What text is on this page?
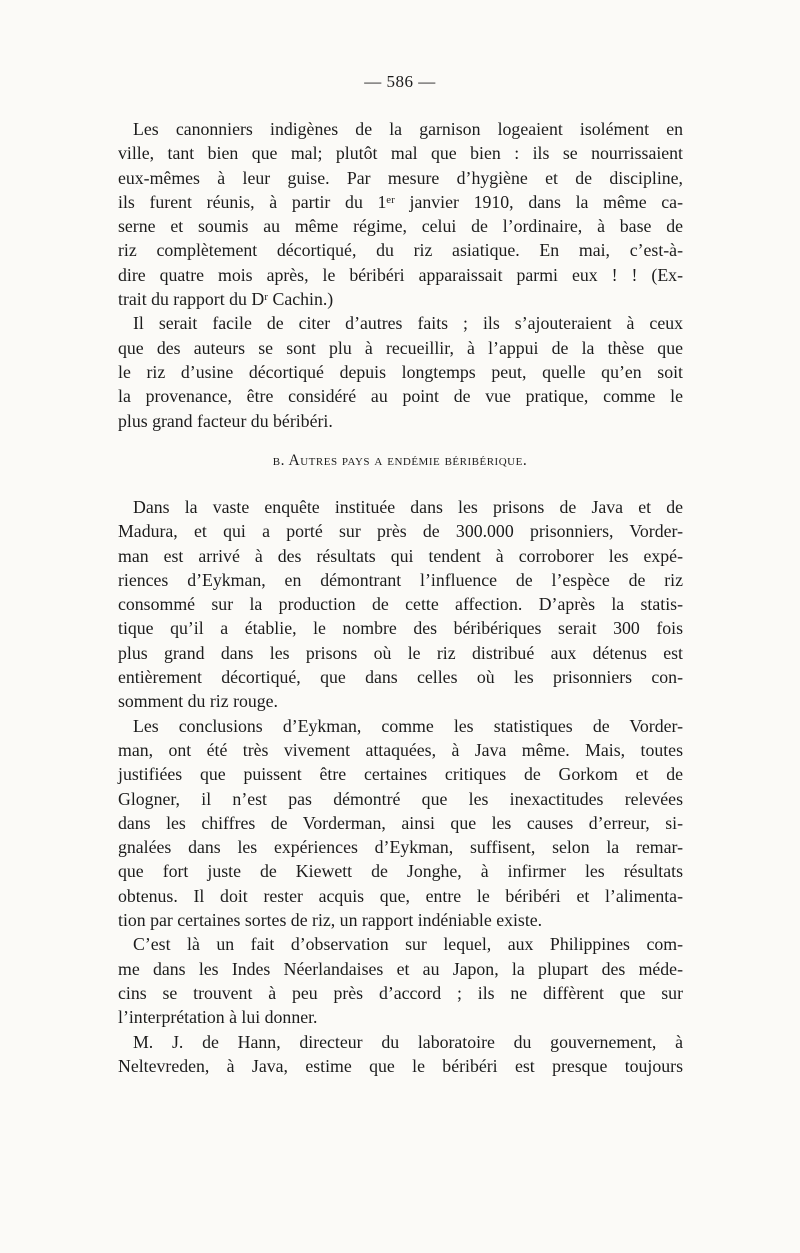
— 586 —
Les canonniers indigènes de la garnison logeaient isolément en
ville, tant bien que mal; plutôt mal que bien : ils se nourrissaient
eux-mêmes à leur guise. Par mesure d’hygiène et de discipline,
ils furent réunis, à partir du 1ᵉʳ janvier 1910, dans la même ca-
serne et soumis au même régime, celui de l’ordinaire, à base de
riz complètement décortiqué, du riz asiatique. En mai, c’est-à-
dire quatre mois après, le béribéri apparaissait parmi eux ! ! (Ex-
trait du rapport du Dʳ Cachin.)
Il serait facile de citer d’autres faits ; ils s’ajouteraient à ceux
que des auteurs se sont plu à recueillir, à l’appui de la thèse que
le riz d’usine décortiqué depuis longtemps peut, quelle qu’en soit
la provenance, être considéré au point de vue pratique, comme le
plus grand facteur du béribéri.
b. Autres pays a endémie béribérique.
Dans la vaste enquête instituée dans les prisons de Java et de
Madura, et qui a porté sur près de 300.000 prisonniers, Vorder-
man est arrivé à des résultats qui tendent à corroborer les expé-
riences d’Eykman, en démontrant l’influence de l’espèce de riz
consommé sur la production de cette affection. D’après la statis-
tique qu’il a établie, le nombre des béribériques serait 300 fois
plus grand dans les prisons où le riz distribué aux détenus est
entièrement décortiqué, que dans celles où les prisonniers con-
somment du riz rouge.
Les conclusions d’Eykman, comme les statistiques de Vorder-
man, ont été très vivement attaquées, à Java même. Mais, toutes
justifiées que puissent être certaines critiques de Gorkom et de
Glogner, il n’est pas démontré que les inexactitudes relevées
dans les chiffres de Vorderman, ainsi que les causes d’erreur, si-
gnalées dans les expériences d’Eykman, suffisent, selon la remar-
que fort juste de Kiewett de Jonghe, à infirmer les résultats
obtenus. Il doit rester acquis que, entre le béribéri et l’alimenta-
tion par certaines sortes de riz, un rapport indéniable existe.
C’est là un fait d’observation sur lequel, aux Philippines com-
me dans les Indes Néerlandaises et au Japon, la plupart des méde-
cins se trouvent à peu près d’accord ; ils ne diffèrent que sur
l’interprétation à lui donner.
M. J. de Hann, directeur du laboratoire du gouvernement, à
Neltevreden, à Java, estime que le béribéri est presque toujours
